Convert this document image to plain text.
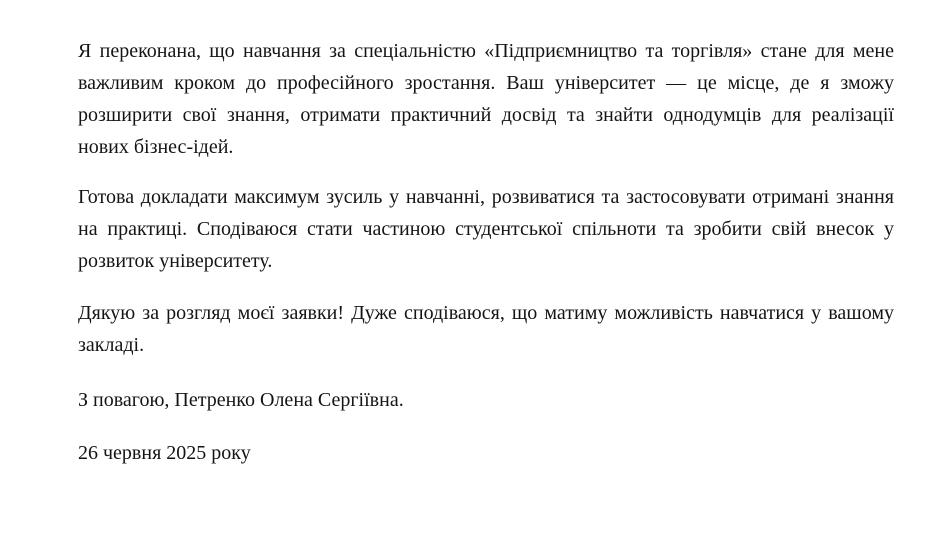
Я переконана, що навчання за спеціальністю «Підприємництво та торгівля» стане для мене важливим кроком до професійного зростання. Ваш університет — це місце, де я зможу розширити свої знання, отримати практичний досвід та знайти однодумців для реалізації нових бізнес-ідей.

Готова докладати максимум зусиль у навчанні, розвиватися та застосовувати отримані знання на практиці. Сподіваюся стати частиною студентської спільноти та зробити свій внесок у розвиток університету.

Дякую за розгляд моєї заявки! Дуже сподіваюся, що матиму можливість навчатися у вашому закладі.

З повагою, Петренко Олена Сергіївна.

26 червня 2025 року
